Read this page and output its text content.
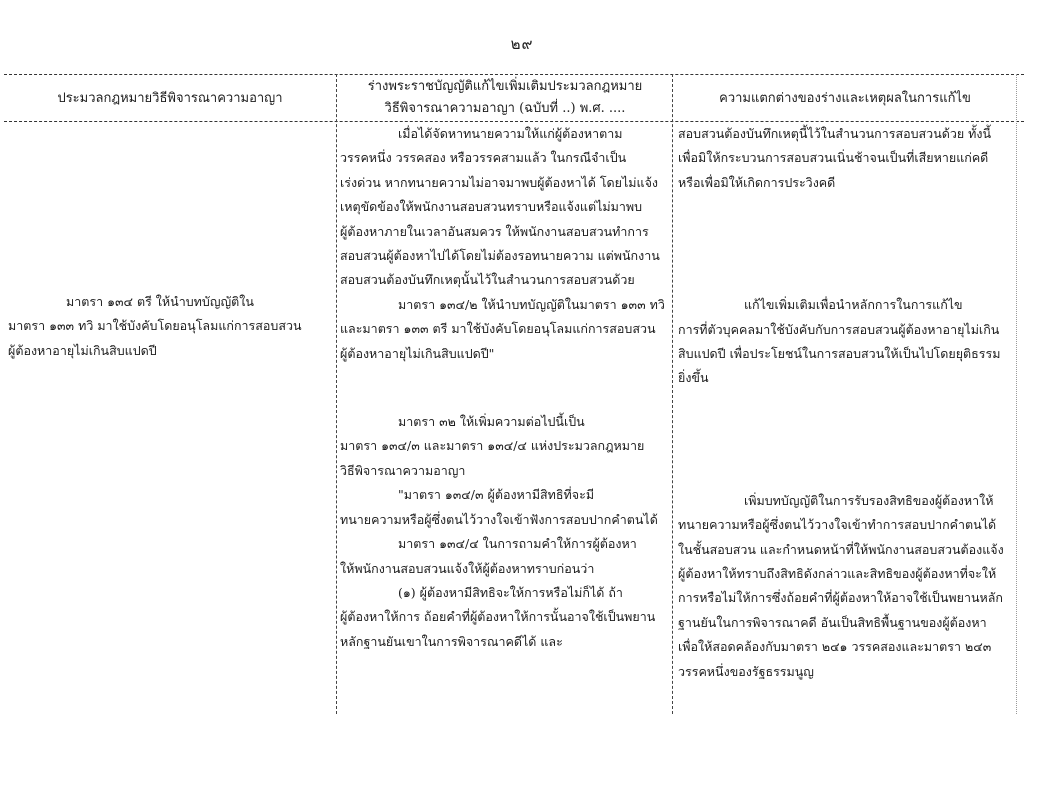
๒๙
ประมวลกฎหมายวิธีพิจารณาความอาญา
ร่างพระราชบัญญัติแก้ไขเพิ่มเติมประมวลกฎหมาย
วิธีพิจารณาความอาญา (ฉบับที่ ..) พ.ศ. ....
ความแตกต่างของร่างและเหตุผลในการแก้ไข

มาตรา ๑๓๔ ตรี ให้นำบทบัญญัติใน

มาตรา ๑๓๓ ทวิ มาใช้บังคับโดยอนุโลมแก่การสอบสวน

ผู้ต้องหาอายุไม่เกินสิบแปดปี

เมื่อได้จัดหาทนายความให้แก่ผู้ต้องหาตาม

วรรคหนึ่ง วรรคสอง หรือวรรคสามแล้ว ในกรณีจำเป็น

เร่งด่วน หากทนายความไม่อาจมาพบผู้ต้องหาได้ โดยไม่แจ้ง

เหตุขัดข้องให้พนักงานสอบสวนทราบหรือแจ้งแต่ไม่มาพบ

ผู้ต้องหาภายในเวลาอันสมควร ให้พนักงานสอบสวนทำการ

สอบสวนผู้ต้องหาไปได้โดยไม่ต้องรอทนายความ แต่พนักงาน

สอบสวนต้องบันทึกเหตุนั้นไว้ในสำนวนการสอบสวนด้วย

มาตรา ๑๓๔/๒ ให้นำบทบัญญัติในมาตรา ๑๓๓ ทวิ

และมาตรา ๑๓๓ ตรี มาใช้บังคับโดยอนุโลมแก่การสอบสวน

ผู้ต้องหาอายุไม่เกินสิบแปดปี"

มาตรา ๓๒ ให้เพิ่มความต่อไปนี้เป็น

มาตรา ๑๓๔/๓ และมาตรา ๑๓๔/๔ แห่งประมวลกฎหมาย

วิธีพิจารณาความอาญา

"มาตรา ๑๓๔/๓ ผู้ต้องหามีสิทธิที่จะมี

ทนายความหรือผู้ซึ่งตนไว้วางใจเข้าฟังการสอบปากคำตนได้

มาตรา ๑๓๔/๔ ในการถามคำให้การผู้ต้องหา

ให้พนักงานสอบสวนแจ้งให้ผู้ต้องหาทราบก่อนว่า

(๑) ผู้ต้องหามีสิทธิจะให้การหรือไม่ก็ได้ ถ้า

ผู้ต้องหาให้การ ถ้อยคำที่ผู้ต้องหาให้การนั้นอาจใช้เป็นพยาน

หลักฐานยันเขาในการพิจารณาคดีได้ และ

สอบสวนต้องบันทึกเหตุนี้ไว้ในสำนวนการสอบสวนด้วย ทั้งนี้

เพื่อมิให้กระบวนการสอบสวนเนิ่นช้าจนเป็นที่เสียหายแก่คดี

หรือเพื่อมิให้เกิดการประวิงคดี

แก้ไขเพิ่มเติมเพื่อนำหลักการในการแก้ไข

การที่ตัวบุคคลมาใช้บังคับกับการสอบสวนผู้ต้องหาอายุไม่เกิน

สิบแปดปี เพื่อประโยชน์ในการสอบสวนให้เป็นไปโดยยุติธรรม

ยิ่งขึ้น

เพิ่มบทบัญญัติในการรับรองสิทธิของผู้ต้องหาให้

ทนายความหรือผู้ซึ่งตนไว้วางใจเข้าทำการสอบปากคำตนได้

ในชั้นสอบสวน และกำหนดหน้าที่ให้พนักงานสอบสวนต้องแจ้ง

ผู้ต้องหาให้ทราบถึงสิทธิดังกล่าวและสิทธิของผู้ต้องหาที่จะให้

การหรือไม่ให้การซึ่งถ้อยคำที่ผู้ต้องหาให้อาจใช้เป็นพยานหลัก

ฐานยันในการพิจารณาคดี อันเป็นสิทธิพื้นฐานของผู้ต้องหา

เพื่อให้สอดคล้องกับมาตรา ๒๔๑ วรรคสองและมาตรา ๒๔๓

วรรคหนึ่งของรัฐธรรมนูญ
